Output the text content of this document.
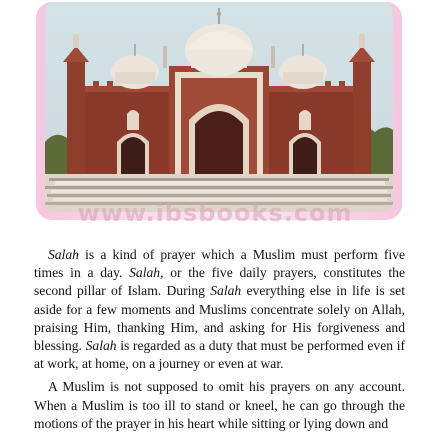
www.ibsbooks.com

Salah is a kind of prayer which a Muslim must perform five times in a day. Salah, or the five daily prayers, constitutes the second pillar of Islam. During Salah everything else in life is set aside for a few moments and Muslims concentrate solely on Allah, praising Him, thanking Him, and asking for His forgiveness and blessing. Salah is regarded as a duty that must be performed even if at work, at home, on a journey or even at war.

A Muslim is not supposed to omit his prayers on any account. When a Muslim is too ill to stand or kneel, he can go through the motions of the prayer in his heart while sitting or lying down and
